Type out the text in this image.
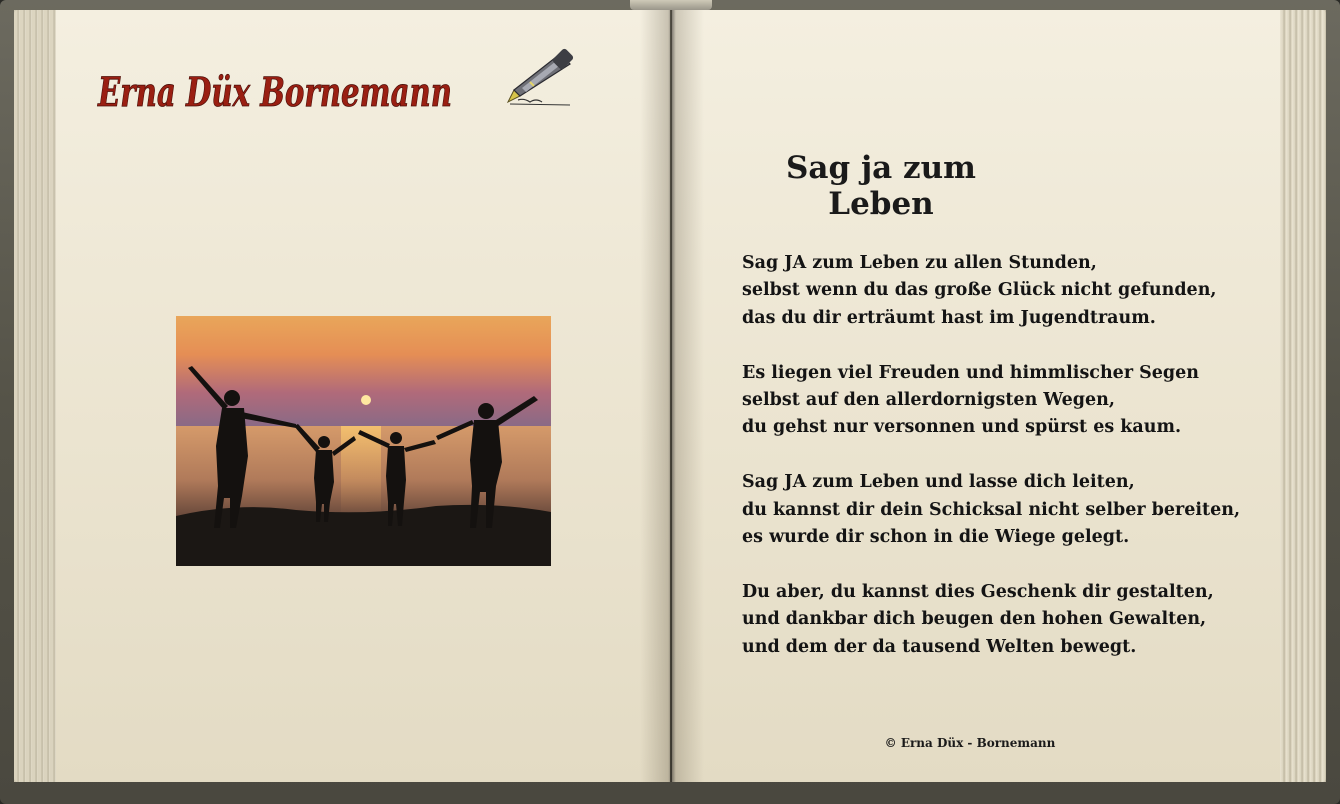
Erna Düx Bornemann
Sag ja zum Leben
Sag JA zum Leben zu allen Stunden,
selbst wenn du das große Glück nicht gefunden,
das du dir erträumt hast im Jugendtraum.
Es liegen viel Freuden und himmlischer Segen
selbst auf den allerdornigsten Wegen,
du gehst nur versonnen und spürst es kaum.
Sag JA zum Leben und lasse dich leiten,
du kannst dir dein Schicksal nicht selber bereiten,
es wurde dir schon in die Wiege gelegt.
Du aber, du kannst dies Geschenk dir gestalten,
und dankbar dich beugen den hohen Gewalten,
und dem der da tausend Welten bewegt.
© Erna Düx - Bornemann
